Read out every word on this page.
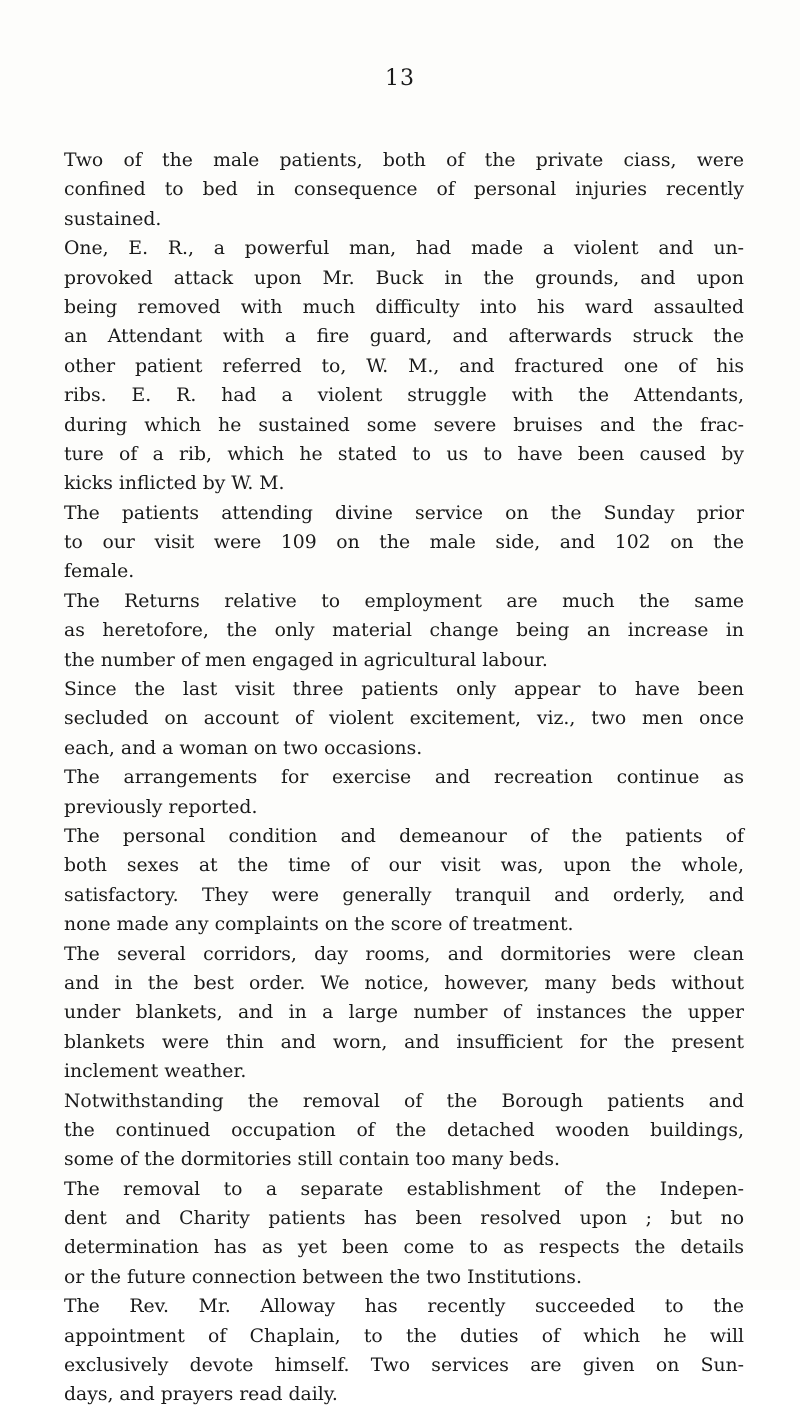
13
Two of the male patients, both of the private ciass, were
confined to bed in consequence of personal injuries recently
sustained.
One, E. R., a powerful man, had made a violent and un-
provoked attack upon Mr. Buck in the grounds, and upon
being removed with much difficulty into his ward assaulted
an Attendant with a fire guard, and afterwards struck the
other patient referred to, W. M., and fractured one of his
ribs. E. R. had a violent struggle with the Attendants,
during which he sustained some severe bruises and the frac-
ture of a rib, which he stated to us to have been caused by
kicks inflicted by W. M.
The patients attending divine service on the Sunday prior
to our visit were 109 on the male side, and 102 on the
female.
The Returns relative to employment are much the same
as heretofore, the only material change being an increase in
the number of men engaged in agricultural labour.
Since the last visit three patients only appear to have been
secluded on account of violent excitement, viz., two men once
each, and a woman on two occasions.
The arrangements for exercise and recreation continue as
previously reported.
The personal condition and demeanour of the patients of
both sexes at the time of our visit was, upon the whole,
satisfactory. They were generally tranquil and orderly, and
none made any complaints on the score of treatment.
The several corridors, day rooms, and dormitories were clean
and in the best order. We notice, however, many beds without
under blankets, and in a large number of instances the upper
blankets were thin and worn, and insufficient for the present
inclement weather.
Notwithstanding the removal of the Borough patients and
the continued occupation of the detached wooden buildings,
some of the dormitories still contain too many beds.
The removal to a separate establishment of the Indepen-
dent and Charity patients has been resolved upon ; but no
determination has as yet been come to as respects the details
or the future connection between the two Institutions.
The Rev. Mr. Alloway has recently succeeded to the
appointment of Chaplain, to the duties of which he will
exclusively devote himself. Two services are given on Sun-
days, and prayers read daily.
